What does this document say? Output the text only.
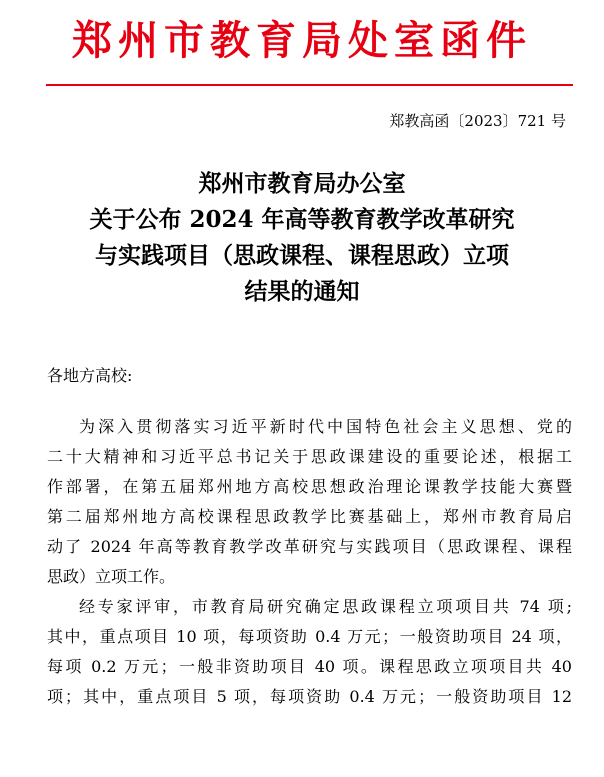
郑州市教育局处室函件
郑教高函〔2023〕721 号
郑州市教育局办公室
关于公布 2024 年高等教育教学改革研究
与实践项目（思政课程、课程思政）立项
结果的通知
各地方高校:
为深入贯彻落实习近平新时代中国特色社会主义思想、党的
二十大精神和习近平总书记关于思政课建设的重要论述，根据工
作部署，在第五届郑州地方高校思想政治理论课教学技能大赛暨
第二届郑州地方高校课程思政教学比赛基础上，郑州市教育局启
动了 2024 年高等教育教学改革研究与实践项目（思政课程、课程
思政）立项工作。
经专家评审，市教育局研究确定思政课程立项项目共 74 项;
其中，重点项目 10 项，每项资助 0.4 万元；一般资助项目 24 项，
每项 0.2 万元；一般非资助项目 40 项。课程思政立项项目共 40
项；其中，重点项目 5 项，每项资助 0.4 万元；一般资助项目 12
